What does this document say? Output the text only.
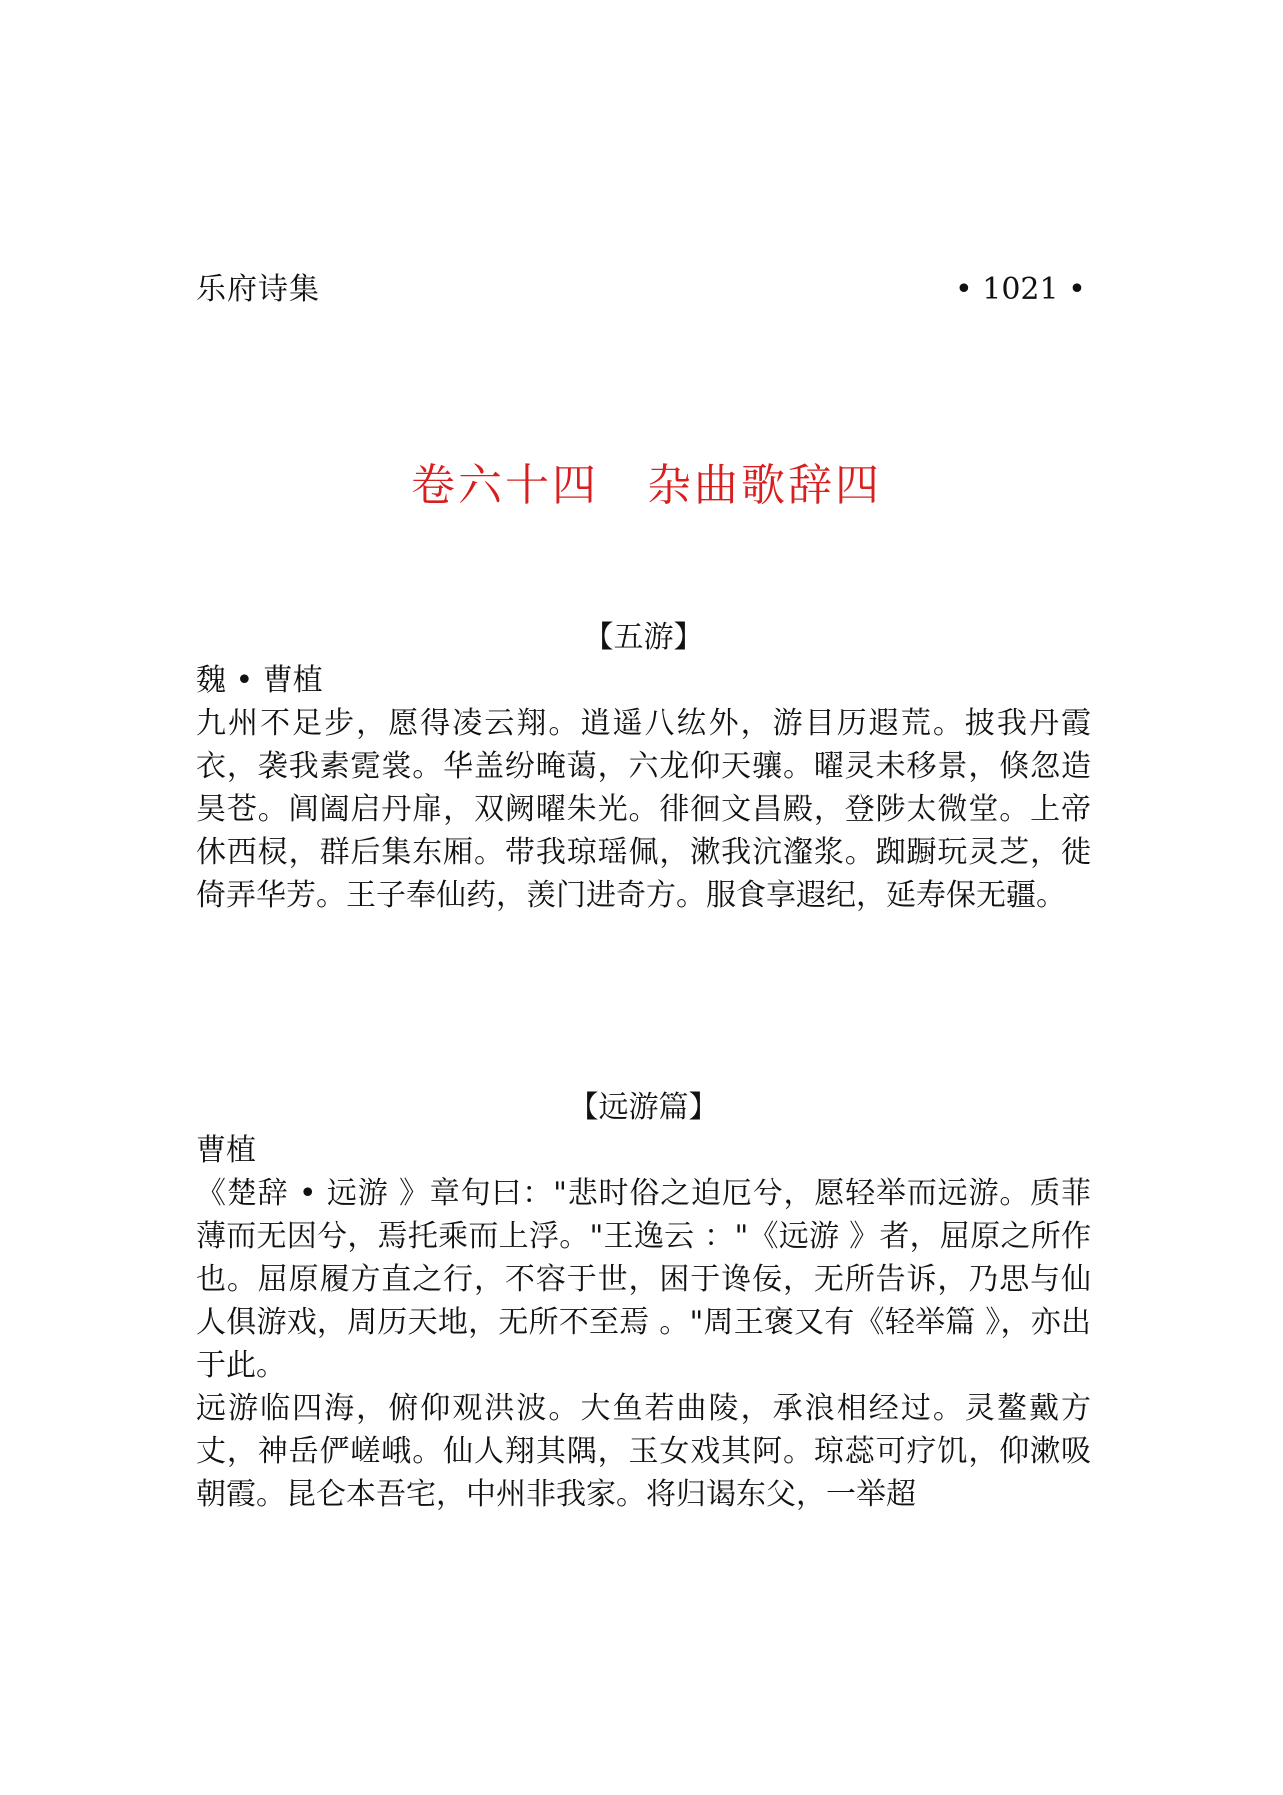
乐府诗集	• 1021 •
卷六十四 杂曲歌辞四
【五游】
魏 • 曹植
九州不足步，愿得凌云翔。逍遥八纮外，游目历遐荒。披我丹霞衣，袭我素霓裳。华盖纷晻蔼，六龙仰天骧。曜灵未移景，倏忽造昊苍。阊阖启丹扉，双阙曜朱光。徘徊文昌殿，登陟太微堂。上帝休西棂，群后集东厢。带我琼瑶佩，漱我沆瀣浆。踟蹰玩灵芝，徙倚弄华芳。王子奉仙药，羡门进奇方。服食享遐纪，延寿保无疆。
【远游篇】
曹植
《楚辞 • 远游 》章句曰："悲时俗之迫厄兮，愿轻举而远游。质菲薄而无因兮，焉托乘而上浮。"王逸云 ："《远游 》者，屈原之所作也。屈原履方直之行，不容于世，困于谗佞，无所告诉，乃思与仙人俱游戏，周历天地，无所不至焉 。"周王褒又有《轻举篇 》，亦出于此。
远游临四海，俯仰观洪波。大鱼若曲陵，承浪相经过。灵鳌戴方丈，神岳俨嵯峨。仙人翔其隅，玉女戏其阿。琼蕊可疗饥，仰漱吸朝霞。昆仑本吾宅，中州非我家。将归谒东父，一举超
